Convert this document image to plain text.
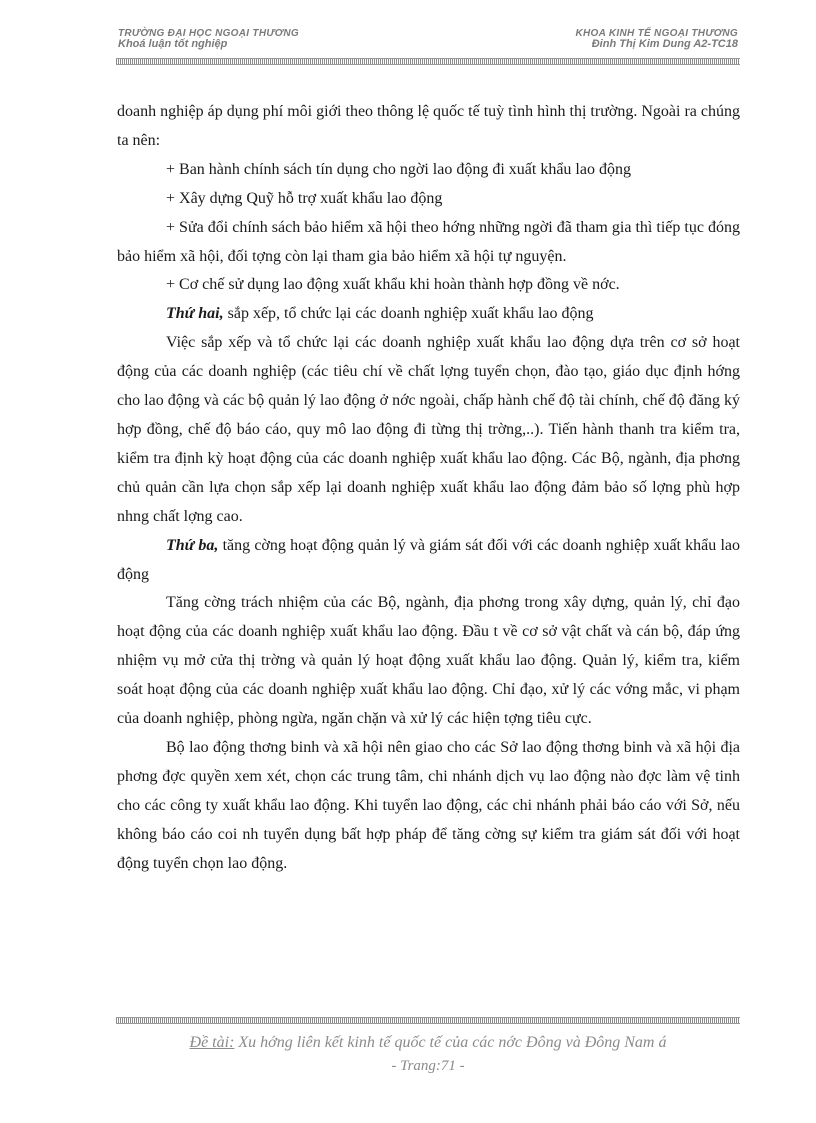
TRƯỜNG ĐẠI HỌC NGOẠI THƯƠNG
Khoá luận tốt nghiệp
KHOA KINH TẾ NGOẠI THƯƠNG
Đinh Thị Kim Dung A2-TC18

doanh nghiệp áp dụng phí môi giới theo thông lệ quốc tế tuỳ tình hình thị trường. Ngoài ra chúng ta nên:

+ Ban hành chính sách tín dụng cho ngời lao động đi xuất khẩu lao động

+ Xây dựng Quỹ hỗ trợ xuất khẩu lao động

+ Sửa đổi chính sách bảo hiểm xã hội theo hớng những ngời đã tham gia thì tiếp tục đóng bảo hiểm xã hội, đối tợng còn lại tham gia bảo hiểm xã hội tự nguyện.

+ Cơ chế sử dụng lao động xuất khẩu khi hoàn thành hợp đồng về nớc.

Thứ hai, sắp xếp, tổ chức lại các doanh nghiệp xuất khẩu lao động

Việc sắp xếp và tổ chức lại các doanh nghiệp xuất khẩu lao động dựa trên cơ sở hoạt động của các doanh nghiệp (các tiêu chí về chất lợng tuyển chọn, đào tạo, giáo dục định hớng cho lao động và các bộ quản lý lao động ở nớc ngoài, chấp hành chế độ tài chính, chế độ đăng ký hợp đồng, chế độ báo cáo, quy mô lao động đi từng thị trờng,..). Tiến hành thanh tra kiểm tra, kiểm tra định kỳ hoạt động của các doanh nghiệp xuất khẩu lao động. Các Bộ, ngành, địa phơng chủ quản cần lựa chọn sắp xếp lại doanh nghiệp xuất khẩu lao động đảm bảo số lợng phù hợp nhng chất lợng cao.

Thứ ba, tăng cờng hoạt động quản lý và giám sát đối với các doanh nghiệp xuất khẩu lao động

Tăng cờng trách nhiệm của các Bộ, ngành, địa phơng trong xây dựng, quản lý, chỉ đạo hoạt động của các doanh nghiệp xuất khẩu lao động. Đầu t về cơ sở vật chất và cán bộ, đáp ứng nhiệm vụ mở cửa thị trờng và quản lý hoạt động xuất khẩu lao động. Quản lý, kiểm tra, kiểm soát hoạt động của các doanh nghiệp xuất khẩu lao động. Chỉ đạo, xử lý các vớng mắc, vi phạm của doanh nghiệp, phòng ngừa, ngăn chặn và xử lý các hiện tợng tiêu cực.

Bộ lao động thơng binh và xã hội nên giao cho các Sở lao động thơng binh và xã hội địa phơng đợc quyền xem xét, chọn các trung tâm, chi nhánh dịch vụ lao động nào đợc làm vệ tinh cho các công ty xuất khẩu lao động. Khi tuyển lao động, các chi nhánh phải báo cáo với Sở, nếu không báo cáo coi nh tuyển dụng bất hợp pháp để tăng cờng sự kiểm tra giám sát đối với hoạt động tuyển chọn lao động.

Đề tài: Xu hớng liên kết kinh tế quốc tế của các nớc Đông và Đông Nam á
- Trang:71 -
